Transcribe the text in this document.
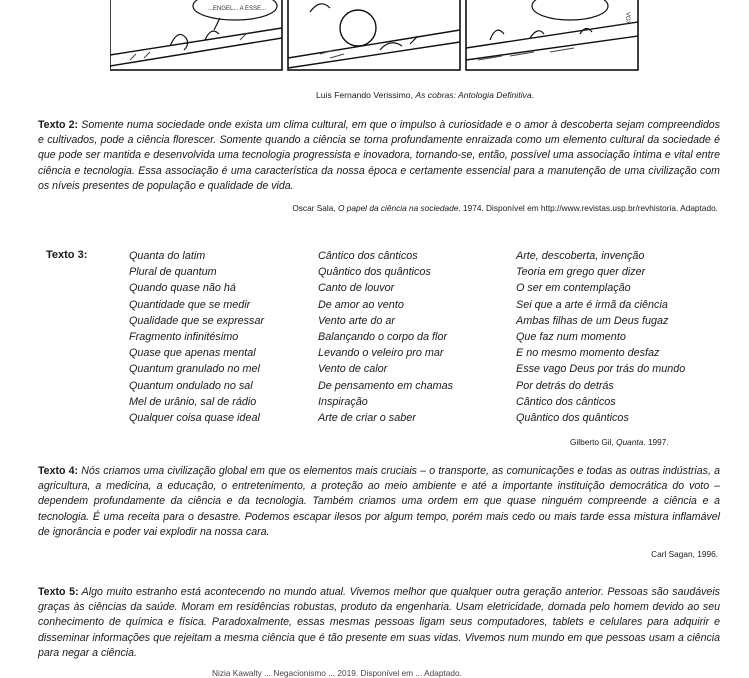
...ENGEL... A ESSE...
VOX
Luis Fernando Verissimo, As cobras: Antologia Definitiva.
Texto 2: Somente numa sociedade onde exista um clima cultural, em que o impulso à curiosidade e o amor à descoberta sejam compreendidos e cultivados, pode a ciência florescer. Somente quando a ciência se torna profundamente enraizada como um elemento cultural da sociedade é que pode ser mantida e desenvolvida uma tecnologia progressista e inovadora, tornando-se, então, possível uma associação íntima e vital entre ciência e tecnologia. Essa associação é uma característica da nossa época e certamente essencial para a manutenção de uma civilização com os níveis presentes de população e qualidade de vida.
Oscar Sala, O papel da ciência na sociedade. 1974. Disponível em http://www.revistas.usp.br/revhistoria. Adaptado.
Texto 3:	Quanta do latim
Plural de quantum
Quando quase não há
Quantidade que se medir
Qualidade que se expressar
Fragmento infinitésimo
Quase que apenas mental
Quantum granulado no mel
Quantum ondulado no sal
Mel de urânio, sal de rádio
Qualquer coisa quase ideal
Cântico dos cânticos
Quântico dos quânticos
Canto de louvor
De amor ao vento
Vento arte do ar
Balançando o corpo da flor
Levando o veleiro pro mar
Vento de calor
De pensamento em chamas
Inspiração
Arte de criar o saber
Arte, descoberta, invenção
Teoria em grego quer dizer
O ser em contemplação
Sei que a arte é irmã da ciência
Ambas filhas de um Deus fugaz
Que faz num momento
E no mesmo momento desfaz
Esse vago Deus por trás do mundo
Por detrás do detrás
Cântico dos cânticos
Quântico dos quânticos
Gilberto Gil, Quanta. 1997.
Texto 4: Nós criamos uma civilização global em que os elementos mais cruciais – o transporte, as comunicações e todas as outras indústrias, a agricultura, a medicina, a educação, o entretenimento, a proteção ao meio ambiente e até a importante instituição democrática do voto – dependem profundamente da ciência e da tecnologia. Também criamos uma ordem em que quase ninguém compreende a ciência e a tecnologia. É uma receita para o desastre. Podemos escapar ilesos por algum tempo, porém mais cedo ou mais tarde essa mistura inflamável de ignorância e poder vai explodir na nossa cara.
Carl Sagan, 1996.
Texto 5: Algo muito estranho está acontecendo no mundo atual. Vivemos melhor que qualquer outra geração anterior. Pessoas são saudáveis graças às ciências da saúde. Moram em residências robustas, produto da engenharia. Usam eletricidade, domada pelo homem devido ao seu conhecimento de química e física. Paradoxalmente, essas mesmas pessoas ligam seus computadores, tablets e celulares para adquirir e disseminar informações que rejeitam a mesma ciência que é tão presente em suas vidas. Vivemos num mundo em que pessoas usam a ciência para negar a ciência.
Nizia Kawalty ... Negacionismo ... 2019. Disponível em ... Adaptado.
